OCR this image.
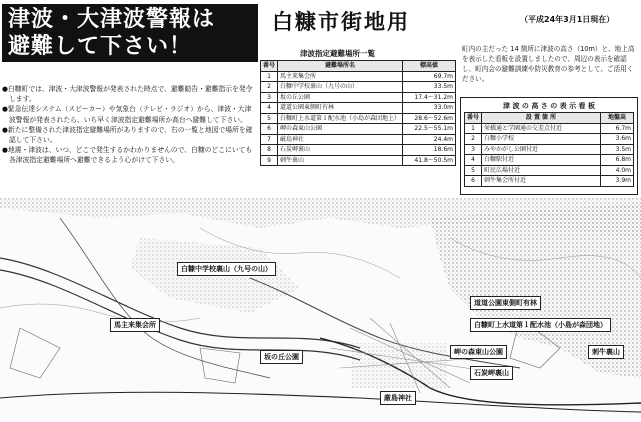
津波・大津波警報は
避難して下さい！
白糠市街地用	（平成24年3月1日現在）

●白糠町では、津波・大津波警報が発表された時点で、避難勧告・避難指示を発令します。

●緊急伝達システム（スピーカー）や気象台（テレビ・ラジオ）から、津波・大津波警報が発表されたら、いち早く津波指定避難場所か高台へ避難して下さい。

●新たに整備された津波指定避難場所がありますので、右の一覧と地図で場所を確認して下さい。

●地震・津波は、いつ、どこで発生するかわかりませんので、白糠のどこにいても各津波指定避難場所へ避難できるよう心がけて下さい。

津波指定避難場所一覧
番号	避難場所名	標高値
1	馬主来集会所	69.7m
2	白糠中学校裏山（九号の山）	33.5m
3	坂の丘公園	17.4〜31.2m
4	道道公園東側町有林	33.0m
5	白糠町上水道第１配水池（小島が森団地上）	28.6〜52.6m
6	岬の森東山公園	22.5〜55.1m
7	厳島神社	24.4m
8	石炭岬裏山	18.6m
9	刺牛裏山	41.8〜50.5m
町内の主だった 14 箇所に津波の高さ（10m）と、地上高を表示した看板を設置しましたので、周辺の表示を確認し、町内会の避難訓練や防災教育の参考として、ご活用ください。
津 波 の 高 さ の 表 示 看 板
番号	設 置 箇 所	地盤高
1	栄橋通と学園通の交差点付近	6.7m
2	白糠小学校	3.6m
3	みやかがし公園付近	3.5m
4	白糠駅付近	6.8m
5	町民広場付近	4.0m
6	刺牛集会所付近	3.9m
白糠中学校裏山（九号の山）
馬主来集会所
坂の丘公園
道道公園東側町有林
白糠町上水道第１配水池（小島が森団地）
岬の森東山公園	刺牛裏山
石炭岬裏山
厳島神社
